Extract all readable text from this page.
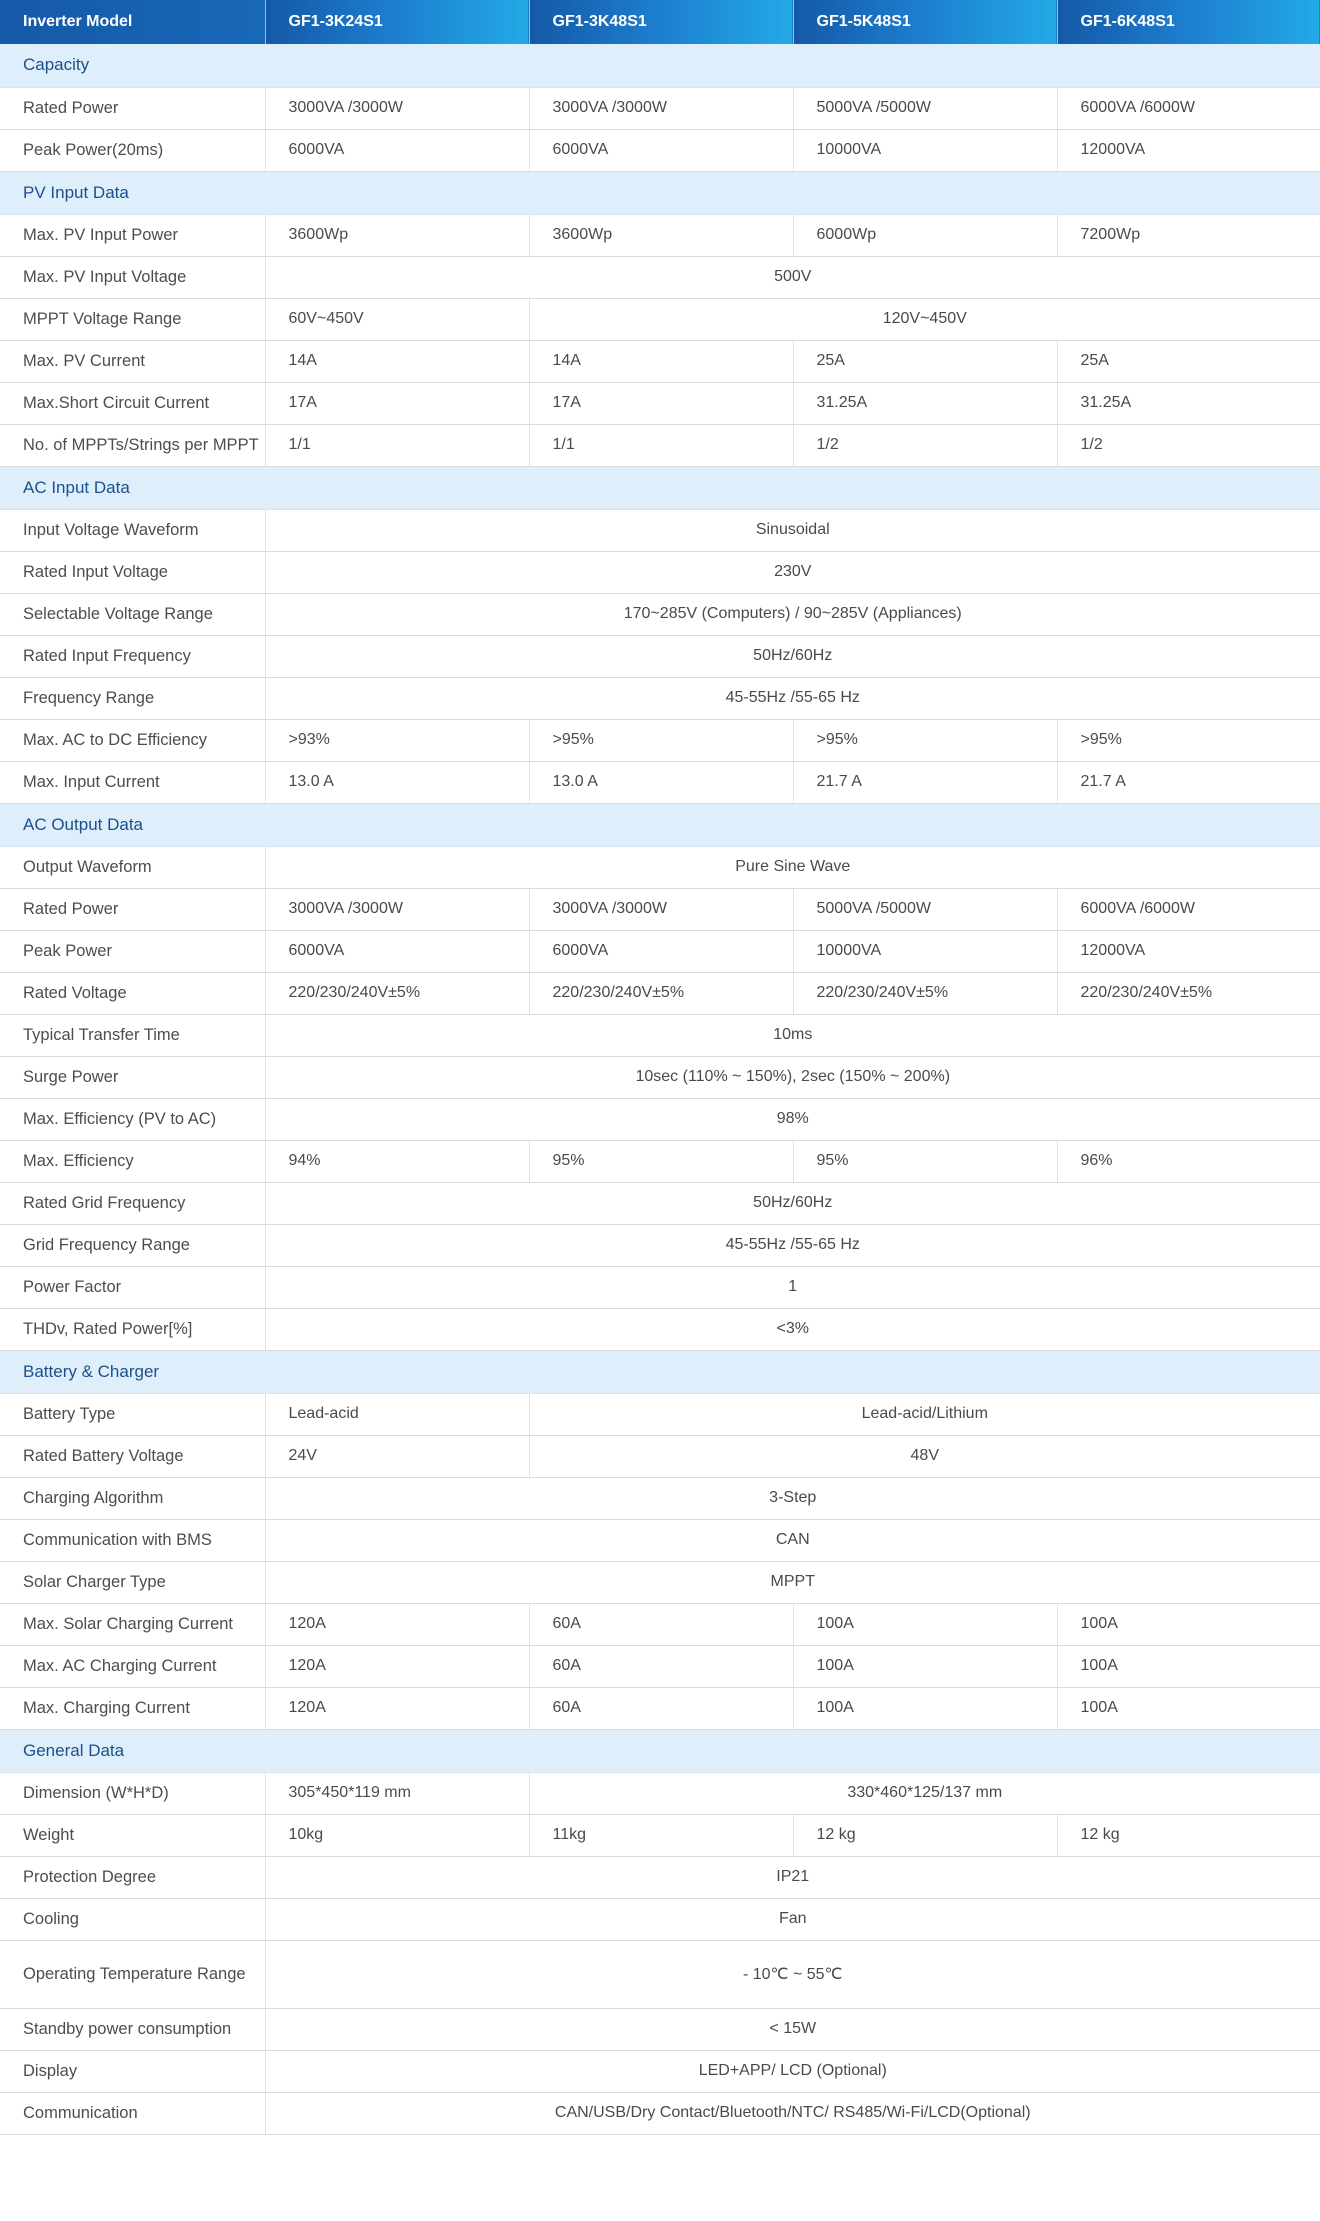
Inverter Model	GF1-3K24S1	GF1-3K48S1	GF1-5K48S1	GF1-6K48S1
Capacity				
Rated Power	3000VA /3000W	3000VA /3000W	5000VA /5000W	6000VA /6000W
Peak Power(20ms)	6000VA	6000VA	10000VA	12000VA
PV Input Data				
Max. PV Input Power	3600Wp	3600Wp	6000Wp	7200Wp
Max. PV Input Voltage	500V			
MPPT Voltage Range	60V~450V	120V~450V		
Max. PV Current	14A	14A	25A	25A
Max.Short Circuit Current	17A	17A	31.25A	31.25A
No. of MPPTs/Strings per MPPT	1/1	1/1	1/2	1/2
AC Input Data				
Input Voltage Waveform	Sinusoidal			
Rated Input Voltage	230V			
Selectable Voltage Range	170~285V (Computers) / 90~285V (Appliances)			
Rated Input Frequency	50Hz/60Hz			
Frequency Range	45-55Hz /55-65 Hz			
Max. AC to DC Efficiency	>93%	>95%	>95%	>95%
Max. Input Current	13.0 A	13.0 A	21.7 A	21.7 A
AC Output Data				
Output Waveform	Pure Sine Wave			
Rated Power	3000VA /3000W	3000VA /3000W	5000VA /5000W	6000VA /6000W
Peak Power	6000VA	6000VA	10000VA	12000VA
Rated Voltage	220/230/240V±5%	220/230/240V±5%	220/230/240V±5%	220/230/240V±5%
Typical Transfer Time	10ms			
Surge Power	10sec (110% ~ 150%), 2sec (150% ~ 200%)			
Max. Efficiency (PV to AC)	98%			
Max. Efficiency	94%	95%	95%	96%
Rated Grid Frequency	50Hz/60Hz			
Grid Frequency Range	45-55Hz /55-65 Hz			
Power Factor	1			
THDv, Rated Power[%]	<3%			
Battery & Charger				
Battery Type	Lead-acid	Lead-acid/Lithium		
Rated Battery Voltage	24V	48V		
Charging Algorithm	3-Step			
Communication with BMS	CAN			
Solar Charger Type	MPPT			
Max. Solar Charging Current	120A	60A	100A	100A
Max. AC Charging Current	120A	60A	100A	100A
Max. Charging Current	120A	60A	100A	100A
General Data				
Dimension (W*H*D)	305*450*119 mm	330*460*125/137 mm		
Weight	10kg	11kg	12 kg	12 kg
Protection Degree	IP21			
Cooling	Fan			
Operating Temperature Range	- 10℃ ~ 55℃			
Standby power consumption	< 15W			
Display	LED+APP/ LCD (Optional)			
Communication	CAN/USB/Dry Contact/Bluetooth/NTC/ RS485/Wi-Fi/LCD(Optional)			
